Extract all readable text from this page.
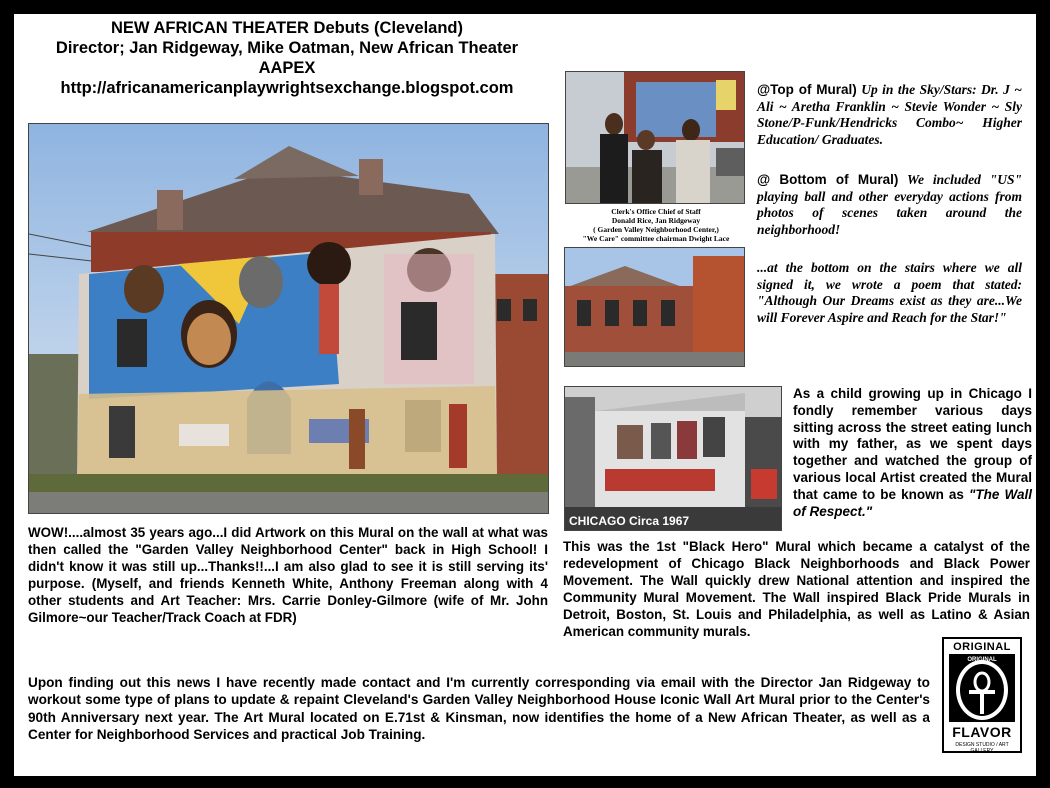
NEW AFRICAN THEATER Debuts (Cleveland)
Director; Jan Ridgeway, Mike Oatman, New African Theater
AAPEX
http://africanamericanplaywrightsexchange.blogspot.com
Clerk's Office Chief of Staff
Donald Rice, Jan Ridgeway
( Garden Valley Neighborhood Center,)
"We Care" committee chairman Dwight Lace
@Top of Mural) Up in the Sky/Stars: Dr. J ~ Ali ~ Aretha Franklin ~ Stevie Wonder ~ Sly Stone/P-Funk/Hendricks Combo~ Higher Education/ Graduates.
@ Bottom of Mural) We included "US" playing ball and other everyday actions from photos of scenes taken around the neighborhood!
...at the bottom on the stairs where we all signed it, we wrote a poem that stated: "Although Our Dreams exist as they are...We will Forever Aspire and Reach for the Star!"
CHICAGO Circa 1967
As a child growing up in Chicago I fondly remember various days sitting across the street eating lunch with my father, as we spent days together and watched the group of various local Artist created the Mural that came to be known as "The Wall of Respect."
WOW!....almost 35 years ago...I did Artwork on this Mural on the wall at what was then called the "Garden Valley Neighborhood Center" back in High School! I didn't know it was still up...Thanks!!...I am also glad to see it is still serving its' purpose. (Myself, and friends Kenneth White, Anthony Freeman along with 4 other students and Art Teacher: Mrs. Carrie Donley-Gilmore (wife of Mr. John Gilmore~our Teacher/Track Coach at FDR)
This was the 1st "Black Hero" Mural which became a catalyst of the redevelopment of Chicago Black Neighborhoods and Black Power Movement. The Wall quickly drew National attention and inspired the Community Mural Movement. The Wall inspired Black Pride Murals in Detroit, Boston, St. Louis and Philadelphia, as well as Latino & Asian American community murals.
Upon finding out this news I have recently made contact and I'm currently corresponding via email with the Director Jan Ridgeway to workout some type of plans to update & repaint Cleveland's Garden Valley Neighborhood House Iconic Wall Art Mural prior to the Center's 90th Anniversary next year. The Art Mural located on E.71st & Kinsman, now identifies the home of a New African Theater, as well as a Center for Neighborhood Services and practical Job Training.
ORIGINAL
ORIGINAL
FLAVOR
DESIGN STUDIO / ART GALLERY
